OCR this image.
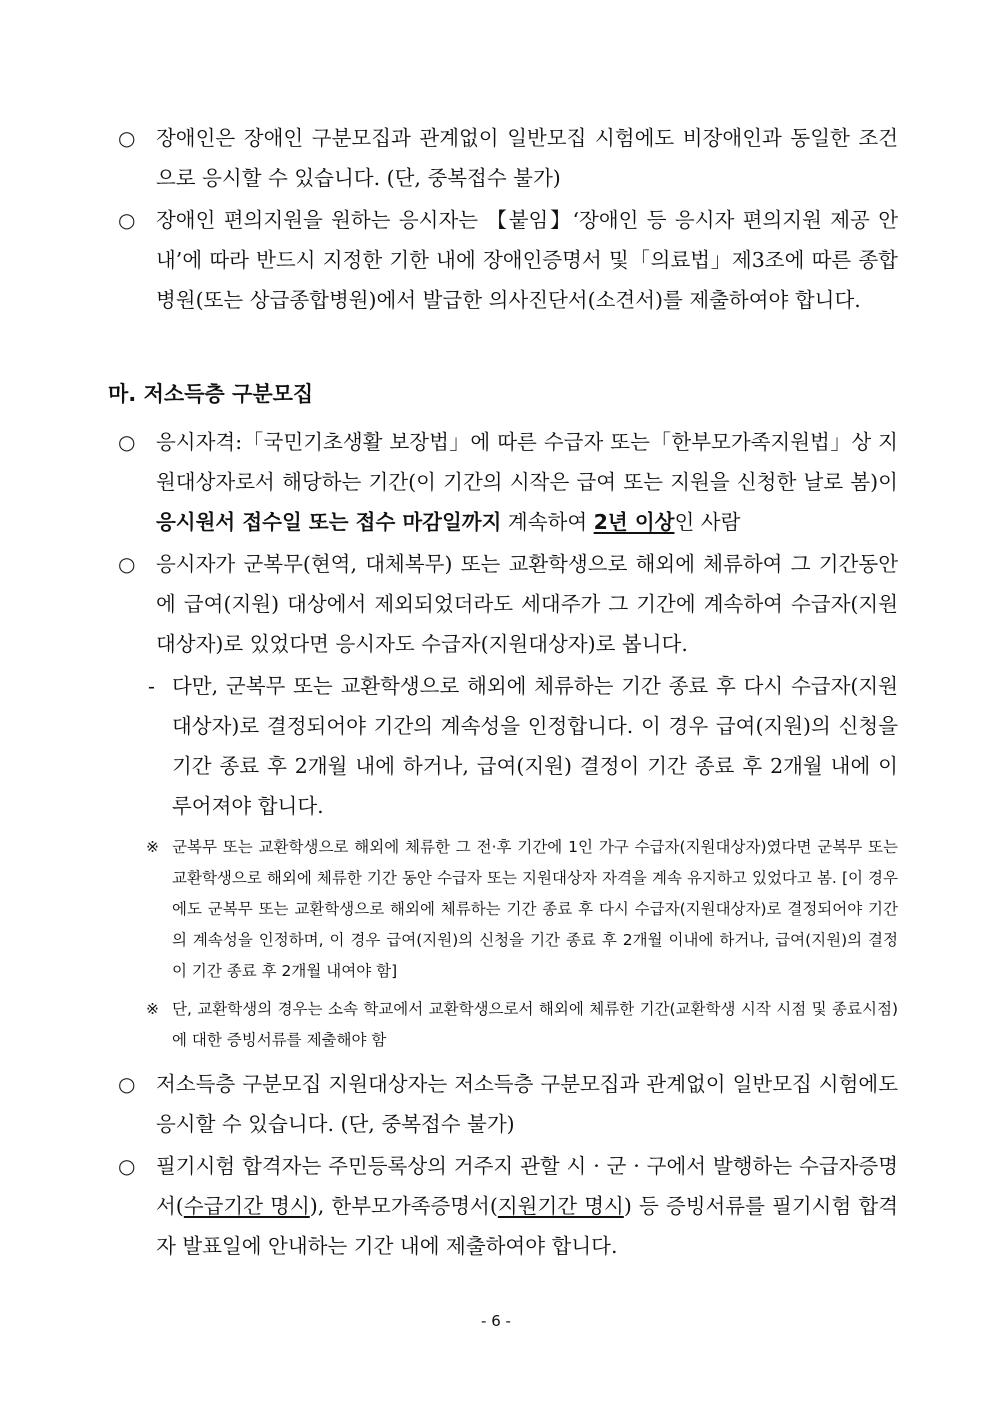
○	장애인은 장애인 구분모집과 관계없이 일반모집 시험에도 비장애인과 동일한 조건으로 응시할 수 있습니다. (단, 중복접수 불가)
○	장애인 편의지원을 원하는 응시자는 【붙임】‘장애인 등 응시자 편의지원 제공 안내’에 따라 반드시 지정한 기한 내에 장애인증명서 및「의료법」제3조에 따른 종합병원(또는 상급종합병원)에서 발급한 의사진단서(소견서)를 제출하여야 합니다.
마. 저소득층 구분모집
○	응시자격:「국민기초생활 보장법」에 따른 수급자 또는「한부모가족지원법」상 지원대상자로서 해당하는 기간(이 기간의 시작은 급여 또는 지원을 신청한 날로 봄)이 응시원서 접수일 또는 접수 마감일까지 계속하여 2년 이상인 사람
○	응시자가 군복무(현역, 대체복무) 또는 교환학생으로 해외에 체류하여 그 기간동안에 급여(지원) 대상에서 제외되었더라도 세대주가 그 기간에 계속하여 수급자(지원대상자)로 있었다면 응시자도 수급자(지원대상자)로 봅니다.
- 다만, 군복무 또는 교환학생으로 해외에 체류하는 기간 종료 후 다시 수급자(지원대상자)로 결정되어야 기간의 계속성을 인정합니다. 이 경우 급여(지원)의 신청을 기간 종료 후 2개월 내에 하거나, 급여(지원) 결정이 기간 종료 후 2개월 내에 이루어져야 합니다.
※ 군복무 또는 교환학생으로 해외에 체류한 그 전·후 기간에 1인 가구 수급자(지원대상자)였다면 군복무 또는 교환학생으로 해외에 체류한 기간 동안 수급자 또는 지원대상자 자격을 계속 유지하고 있었다고 봄. [이 경우에도 군복무 또는 교환학생으로 해외에 체류하는 기간 종료 후 다시 수급자(지원대상자)로 결정되어야 기간의 계속성을 인정하며, 이 경우 급여(지원)의 신청을 기간 종료 후 2개월 이내에 하거나, 급여(지원)의 결정이 기간 종료 후 2개월 내여야 함]
※ 단, 교환학생의 경우는 소속 학교에서 교환학생으로서 해외에 체류한 기간(교환학생 시작 시점 및 종료시점)에 대한 증빙서류를 제출해야 함
○	저소득층 구분모집 지원대상자는 저소득층 구분모집과 관계없이 일반모집 시험에도 응시할 수 있습니다. (단, 중복접수 불가)
○	필기시험 합격자는 주민등록상의 거주지 관할 시 · 군 · 구에서 발행하는 수급자증명서(수급기간 명시), 한부모가족증명서(지원기간 명시) 등 증빙서류를 필기시험 합격자 발표일에 안내하는 기간 내에 제출하여야 합니다.
- 6 -
